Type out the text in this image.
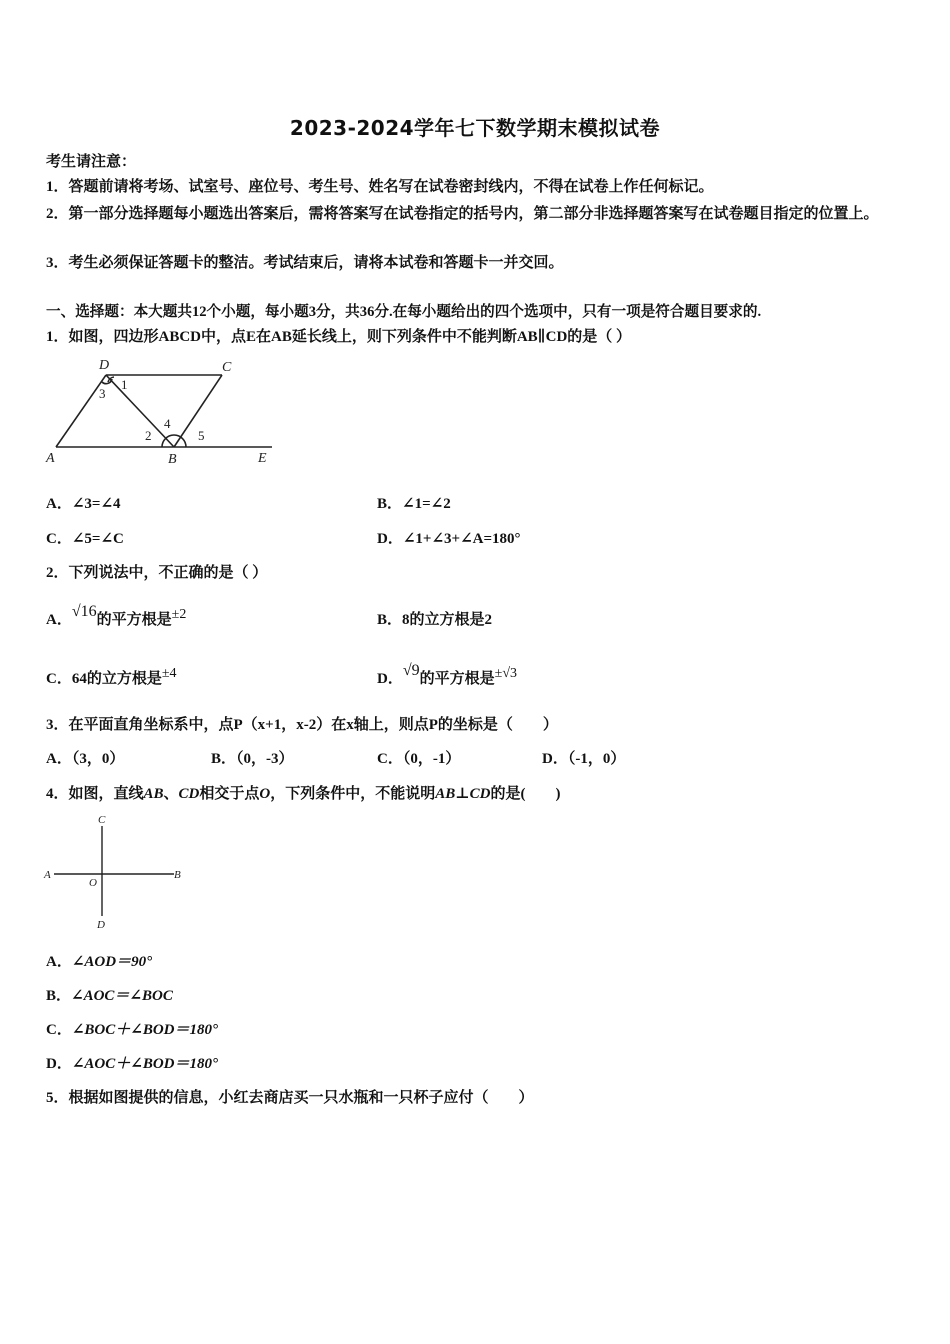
2023-2024学年七下数学期末模拟试卷
考生请注意：
1．答题前请将考场、试室号、座位号、考生号、姓名写在试卷密封线内，不得在试卷上作任何标记。
2．第一部分选择题每小题选出答案后，需将答案写在试卷指定的括号内，第二部分非选择题答案写在试卷题目指定的位置上。
3．考生必须保证答题卡的整洁。考试结束后，请将本试卷和答题卡一并交回。
一、选择题：本大题共12个小题，每小题3分，共36分.在每小题给出的四个选项中，只有一项是符合题目要求的.
1．如图，四边形ABCD中，点E在AB延长线上，则下列条件中不能判断AB∥CD的是（ ）
D	C
A	B	E
1
3
4
2	5
A．∠3=∠4	B．∠1=∠2
C．∠5=∠C	D．∠1+∠3+∠A=180°
2．下列说法中，不正确的是（ ）
A．√16的平方根是±2	B．8的立方根是2
C．64的立方根是±4	D．√9的平方根是±√3
3．在平面直角坐标系中，点P（x+1，x-2）在x轴上，则点P的坐标是（　　）
A．（3，0）	B．（0，-3）	C．（0，-1）	D．（-1，0）
4．如图，直线AB、CD相交于点O，下列条件中，不能说明AB⊥CD的是(　　)
C
A
O
B
D
A．∠AOD＝90°
B．∠AOC＝∠BOC
C．∠BOC＋∠BOD＝180°
D．∠AOC＋∠BOD＝180°
5．根据如图提供的信息，小红去商店买一只水瓶和一只杯子应付（　　）
